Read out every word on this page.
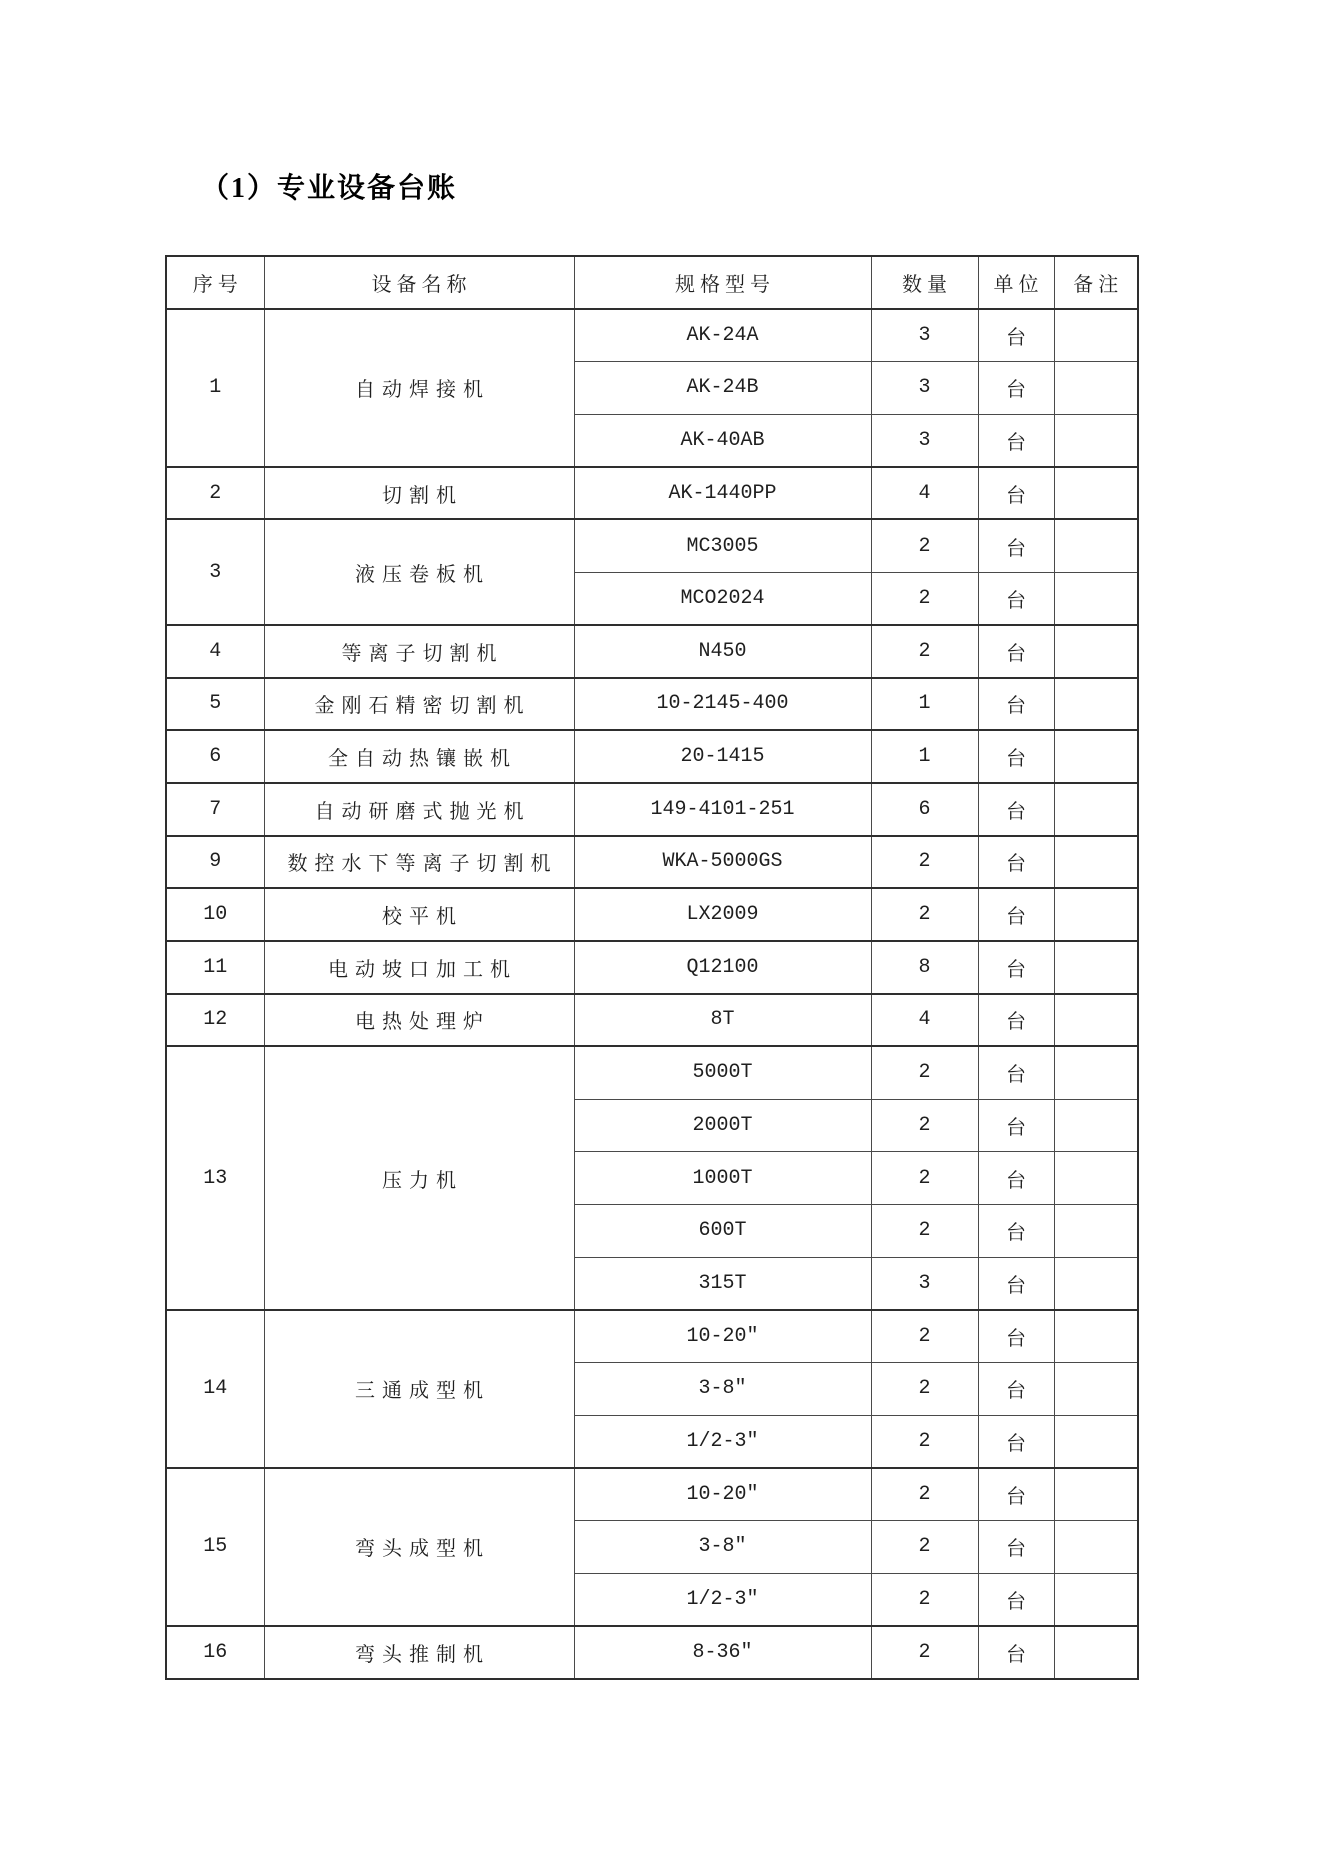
（1）专业设备台账
序号	设备名称	规格型号	数量	单位	备注
1	自动焊接机	AK-24A	3	台	
		AK-24B	3	台	
		AK-40AB	3	台	
2	切割机	AK-1440PP	4	台	
3	液压卷板机	MC3005	2	台	
		MCO2024	2	台	
4	等离子切割机	N450	2	台	
5	金刚石精密切割机	10-2145-400	1	台	
6	全自动热镶嵌机	20-1415	1	台	
7	自动研磨式抛光机	149-4101-251	6	台	
9	数控水下等离子切割机	WKA-5000GS	2	台	
10	校平机	LX2009	2	台	
11	电动坡口加工机	Q12100	8	台	
12	电热处理炉	8T	4	台	
13	压力机	5000T	2	台	
		2000T	2	台	
		1000T	2	台	
		600T	2	台	
		315T	3	台	
14	三通成型机	10-20"	2	台	
		3-8"	2	台	
		1/2-3"	2	台	
15	弯头成型机	10-20"	2	台	
		3-8"	2	台	
		1/2-3"	2	台	
16	弯头推制机	8-36"	2	台	
